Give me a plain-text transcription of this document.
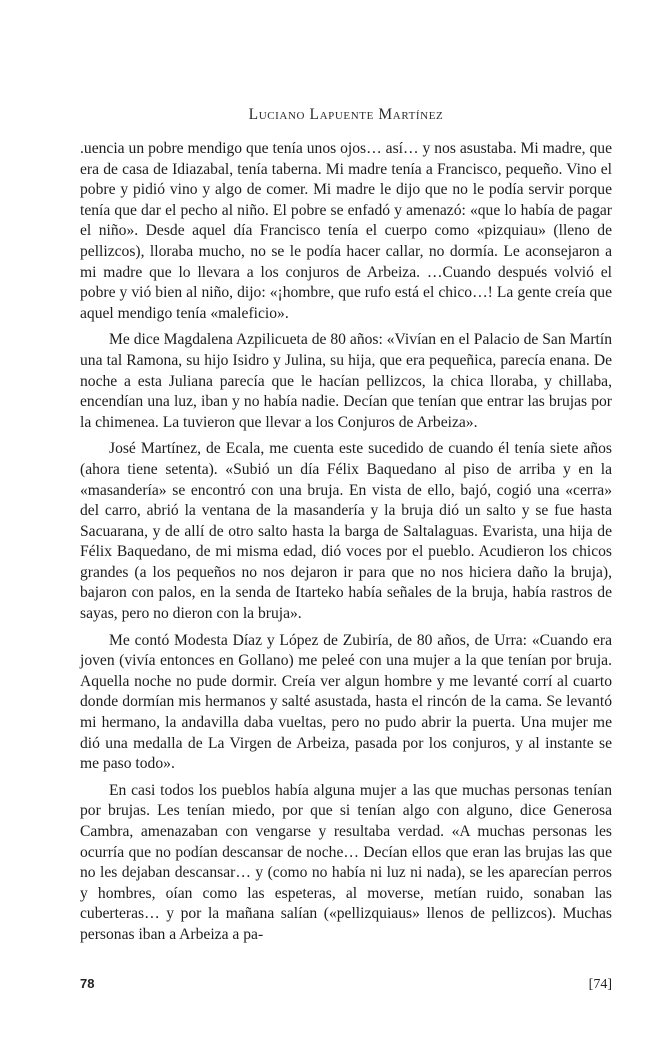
Luciano Lapuente Martínez

.uencia un pobre mendigo que tenía unos ojos… así… y nos asustaba. Mi madre, que era de casa de Idiazabal, tenía taberna. Mi madre tenía a Francisco, pequeño. Vino el pobre y pidió vino y algo de comer. Mi madre le dijo que no le podía servir porque tenía que dar el pecho al niño. El pobre se enfadó y amenazó: «que lo había de pagar el niño». Desde aquel día Francisco tenía el cuerpo como «pizquiau» (lleno de pellizcos), lloraba mucho, no se le podía hacer callar, no dormía. Le aconsejaron a mi madre que lo llevara a los conjuros de Arbeiza. …Cuando después volvió el pobre y vió bien al niño, dijo: «¡hombre, que rufo está el chico…! La gente creía que aquel mendigo tenía «maleficio».

Me dice Magdalena Azpilicueta de 80 años: «Vivían en el Palacio de San Martín una tal Ramona, su hijo Isidro y Julina, su hija, que era pequeñica, parecía enana. De noche a esta Juliana parecía que le hacían pellizcos, la chica lloraba, y chillaba, encendían una luz, iban y no había nadie. Decían que tenían que entrar las brujas por la chimenea. La tuvieron que llevar a los Conjuros de Arbeiza».

José Martínez, de Ecala, me cuenta este sucedido de cuando él tenía siete años (ahora tiene setenta). «Subió un día Félix Baquedano al piso de arriba y en la «masandería» se encontró con una bruja. En vista de ello, bajó, cogió una «cerra» del carro, abrió la ventana de la masandería y la bruja dió un salto y se fue hasta Sacuarana, y de allí de otro salto hasta la barga de Saltalaguas. Evarista, una hija de Félix Baquedano, de mi misma edad, dió voces por el pueblo. Acudieron los chicos grandes (a los pequeños no nos dejaron ir para que no nos hiciera daño la bruja), bajaron con palos, en la senda de Itarteko había señales de la bruja, había rastros de sayas, pero no dieron con la bruja».

Me contó Modesta Díaz y López de Zubiría, de 80 años, de Urra: «Cuando era joven (vivía entonces en Gollano) me peleé con una mujer a la que tenían por bruja. Aquella noche no pude dormir. Creía ver algun hombre y me levanté corrí al cuarto donde dormían mis hermanos y salté asustada, hasta el rincón de la cama. Se levantó mi hermano, la andavilla daba vueltas, pero no pudo abrir la puerta. Una mujer me dió una medalla de La Virgen de Arbeiza, pasada por los conjuros, y al instante se me paso todo».

En casi todos los pueblos había alguna mujer a las que muchas personas tenían por brujas. Les tenían miedo, por que si tenían algo con alguno, dice Generosa Cambra, amenazaban con vengarse y resultaba verdad. «A muchas personas les ocurría que no podían descansar de noche… Decían ellos que eran las brujas las que no les dejaban descansar… y (como no había ni luz ni nada), se les aparecían perros y hombres, oían como las espeteras, al moverse, metían ruido, sonaban las cuberteras… y por la mañana salían («pellizquiaus» llenos de pellizcos). Muchas personas iban a Arbeiza a pa-

78	[74]
